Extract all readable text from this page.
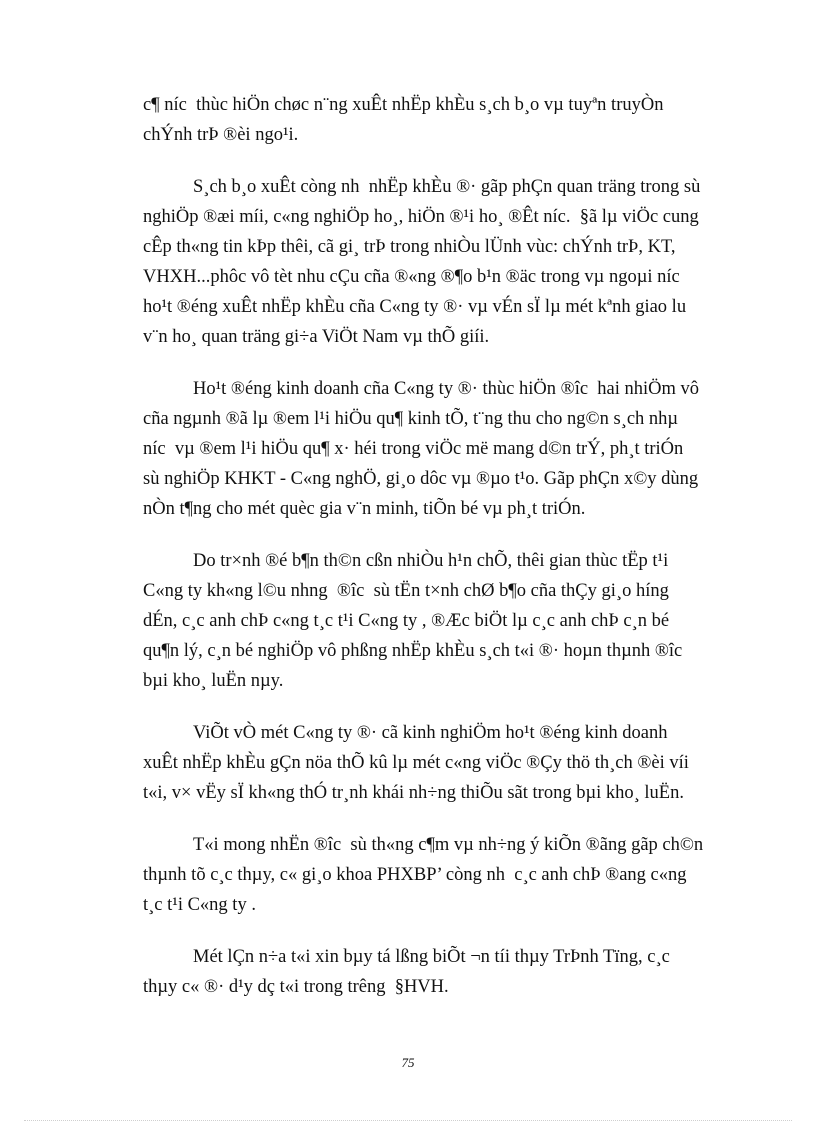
c¶ níc  thùc hiÖn chøc n¨ng xuÊt nhËp khÈu s¸ch b¸o vµ tuyªn truyÒn
chÝnh trÞ ®èi ngo¹i.

S¸ch b¸o xuÊt còng nh  nhËp khÈu ®· gãp phÇn quan träng trong sù
nghiÖp ®æi míi, c«ng nghiÖp ho¸, hiÖn ®¹i ho¸ ®Êt níc.  §ã lµ viÖc cung
cÊp th«ng tin kÞp thêi, cã gi¸ trÞ trong nhiÒu lÜnh vùc: chÝnh trÞ, KT,
VHXH...phôc vô tèt nhu cÇu cña ®«ng ®¶o b¹n ®äc trong vµ ngoµi níc
ho¹t ®éng xuÊt nhËp khÈu cña C«ng ty ®· vµ vÉn sÏ lµ mét kªnh giao lu
v¨n ho¸ quan träng gi÷a ViÖt Nam vµ thÕ giíi.

Ho¹t ®éng kinh doanh cña C«ng ty ®· thùc hiÖn ®îc  hai nhiÖm vô
cña ngµnh ®ã lµ ®em l¹i hiÖu qu¶ kinh tÕ, t¨ng thu cho ng©n s¸ch nhµ
níc  vµ ®em l¹i hiÖu qu¶ x· héi trong viÖc më mang d©n trÝ, ph¸t triÓn
sù nghiÖp KHKT - C«ng nghÖ, gi¸o dôc vµ ®µo t¹o. Gãp phÇn x©y dùng
nÒn t¶ng cho mét quèc gia v¨n minh, tiÕn bé vµ ph¸t triÓn.

Do tr×nh ®é b¶n th©n cßn nhiÒu h¹n chÕ, thêi gian thùc tËp t¹i
C«ng ty kh«ng l©u nhng  ®îc  sù tËn t×nh chØ b¶o cña thÇy gi¸o híng
dÉn, c¸c anh chÞ c«ng t¸c t¹i C«ng ty , ®Æc biÖt lµ c¸c anh chÞ c¸n bé
qu¶n lý, c¸n bé nghiÖp vô phßng nhËp khÈu s¸ch t«i ®· hoµn thµnh ®îc
bµi kho¸ luËn nµy.

ViÕt vÒ mét C«ng ty ®· cã kinh nghiÖm ho¹t ®éng kinh doanh
xuÊt nhËp khÈu gÇn nöa thÕ kû lµ mét c«ng viÖc ®Çy thö th¸ch ®èi víi
t«i, v× vËy sÏ kh«ng thÓ tr¸nh khái nh÷ng thiÕu sãt trong bµi kho¸ luËn.

T«i mong nhËn ®îc  sù th«ng c¶m vµ nh÷ng ý kiÕn ®ãng gãp ch©n
thµnh tõ c¸c thµy, c« gi¸o khoa PHXBP’ còng nh  c¸c anh chÞ ®ang c«ng
t¸c t¹i C«ng ty .

Mét lÇn n÷a t«i xin bµy tá lßng biÕt ¬n tíi thµy TrÞnh Tïng, c¸c
thµy c« ®· d¹y dç t«i trong trêng  §HVH.

75
